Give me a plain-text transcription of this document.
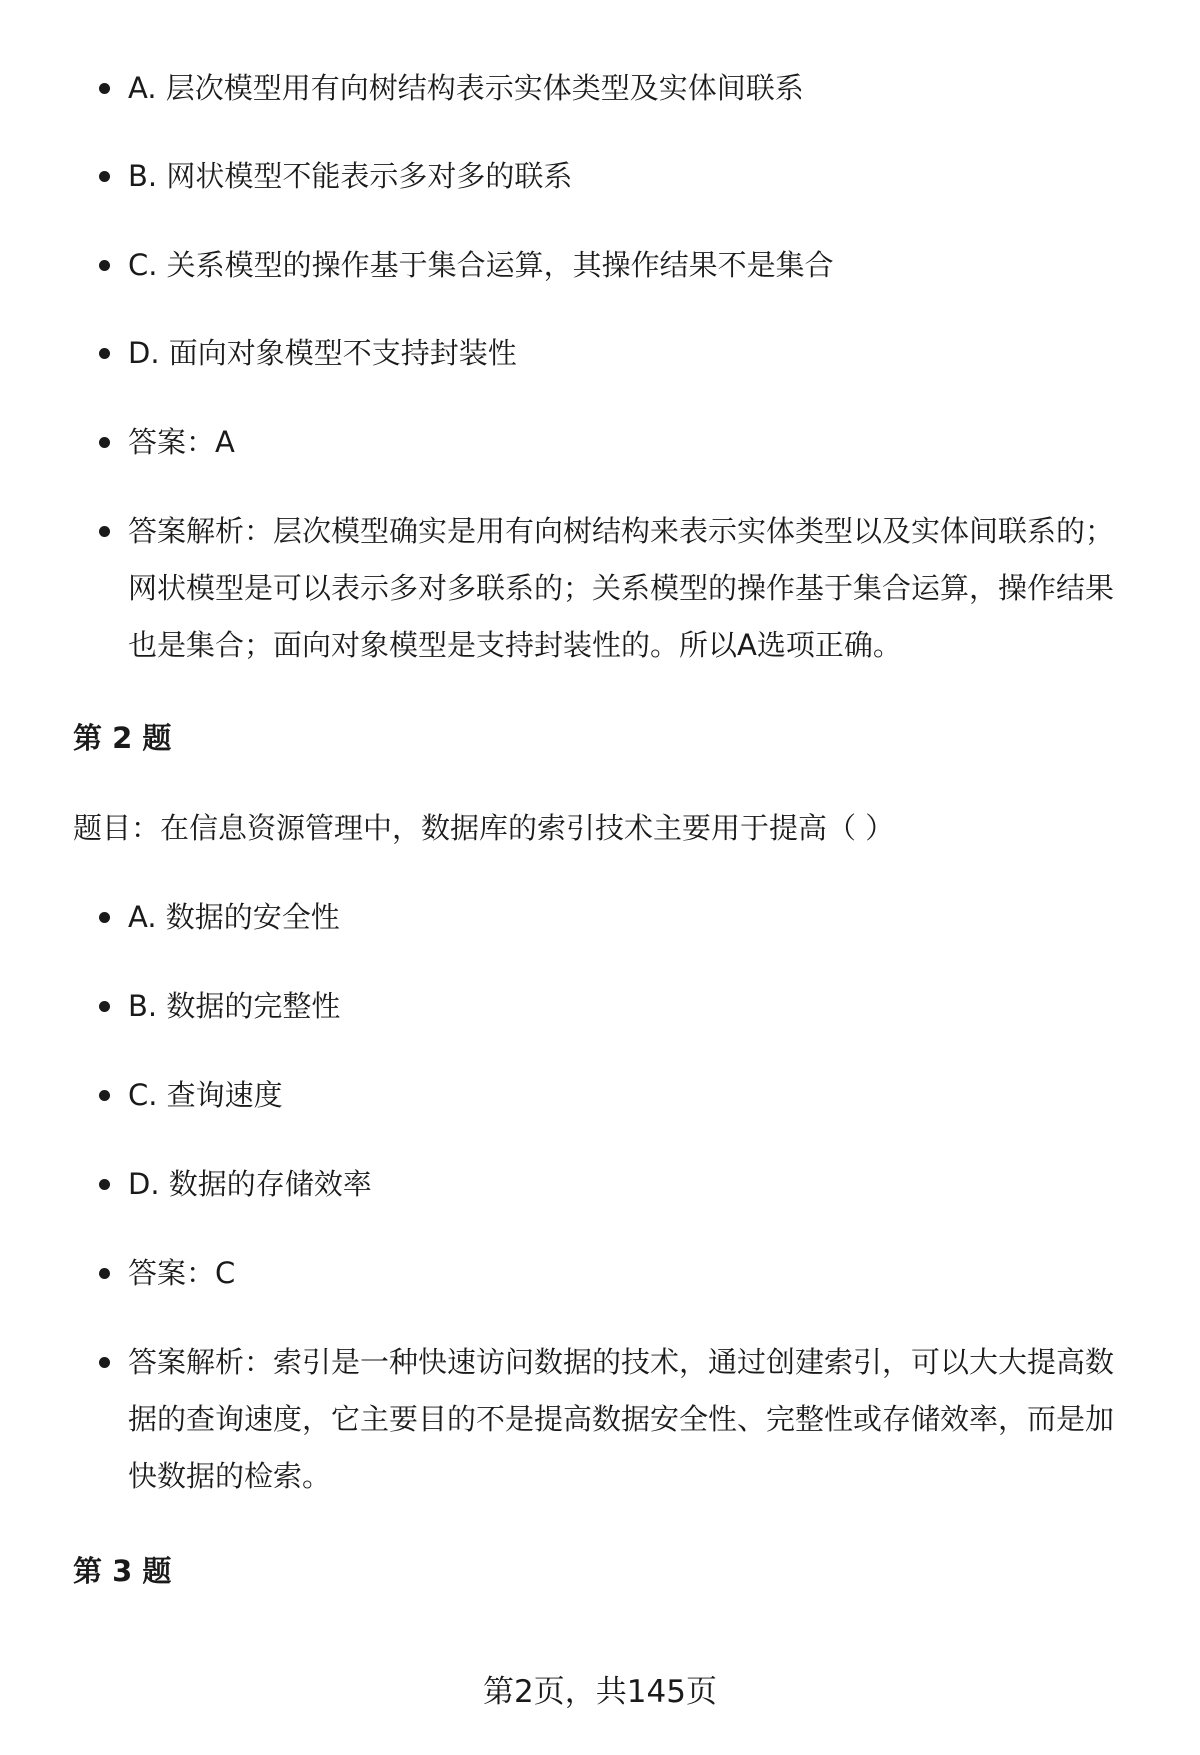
A. 层次模型用有向树结构表示实体类型及实体间联系
B. 网状模型不能表示多对多的联系
C. 关系模型的操作基于集合运算，其操作结果不是集合
D. 面向对象模型不支持封装性
答案：A
答案解析：层次模型确实是用有向树结构来表示实体类型以及实体间联系的；网状模型是可以表示多对多联系的；关系模型的操作基于集合运算，操作结果也是集合；面向对象模型是支持封装性的。所以A选项正确。
第 2 题
题目：在信息资源管理中，数据库的索引技术主要用于提高（ ）
A. 数据的安全性
B. 数据的完整性
C. 查询速度
D. 数据的存储效率
答案：C
答案解析：索引是一种快速访问数据的技术，通过创建索引，可以大大提高数据的查询速度，它主要目的不是提高数据安全性、完整性或存储效率，而是加快数据的检索。
第 3 题
第2页，共145页
